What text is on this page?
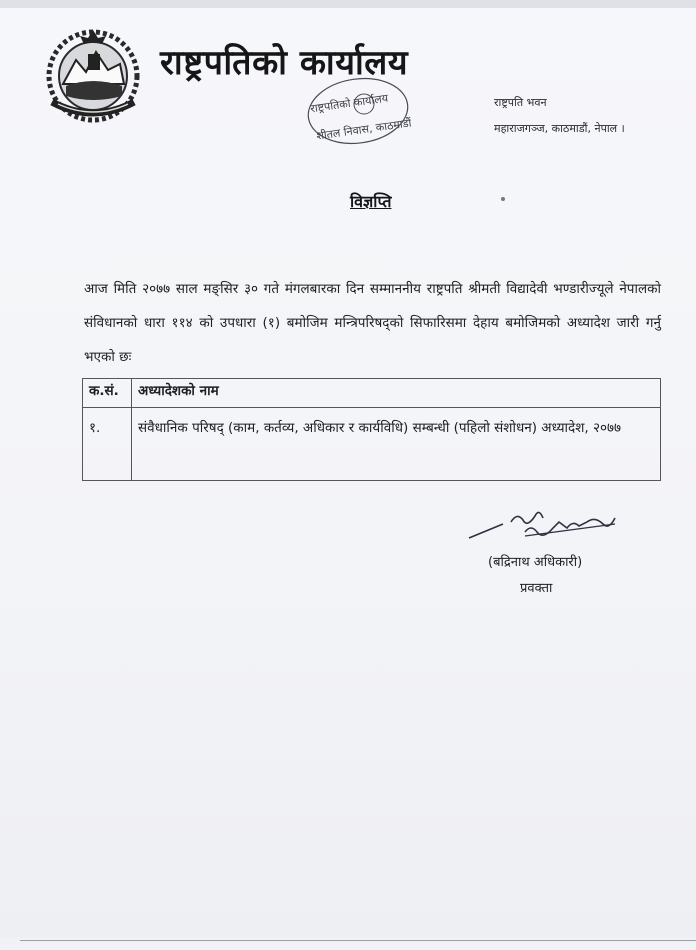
राष्ट्रपतिको कार्यालय
राष्ट्रपतिको कार्यालय
शीतल निवास, काठमाडौं
राष्ट्रपति भवन
महाराजगञ्ज, काठमाडौं, नेपाल ।
विज्ञप्ति
आज मिति २०७७ साल मङ्सिर ३० गते मंगलबारका दिन सम्माननीय राष्ट्रपति श्रीमती विद्यादेवी भण्डारीज्यूले नेपालको संविधानको धारा ११४ को उपधारा (१) बमोजिम मन्त्रिपरिषद्को सिफारिसमा देहाय बमोजिमको अध्यादेश जारी गर्नु भएको छः
क.सं.	अध्यादेशको नाम
१.	संवैधानिक परिषद् (काम, कर्तव्य, अधिकार र कार्यविधि) सम्बन्धी (पहिलो संशोधन) अध्यादेश, २०७७
(बद्रिनाथ अधिकारी)
प्रवक्ता
